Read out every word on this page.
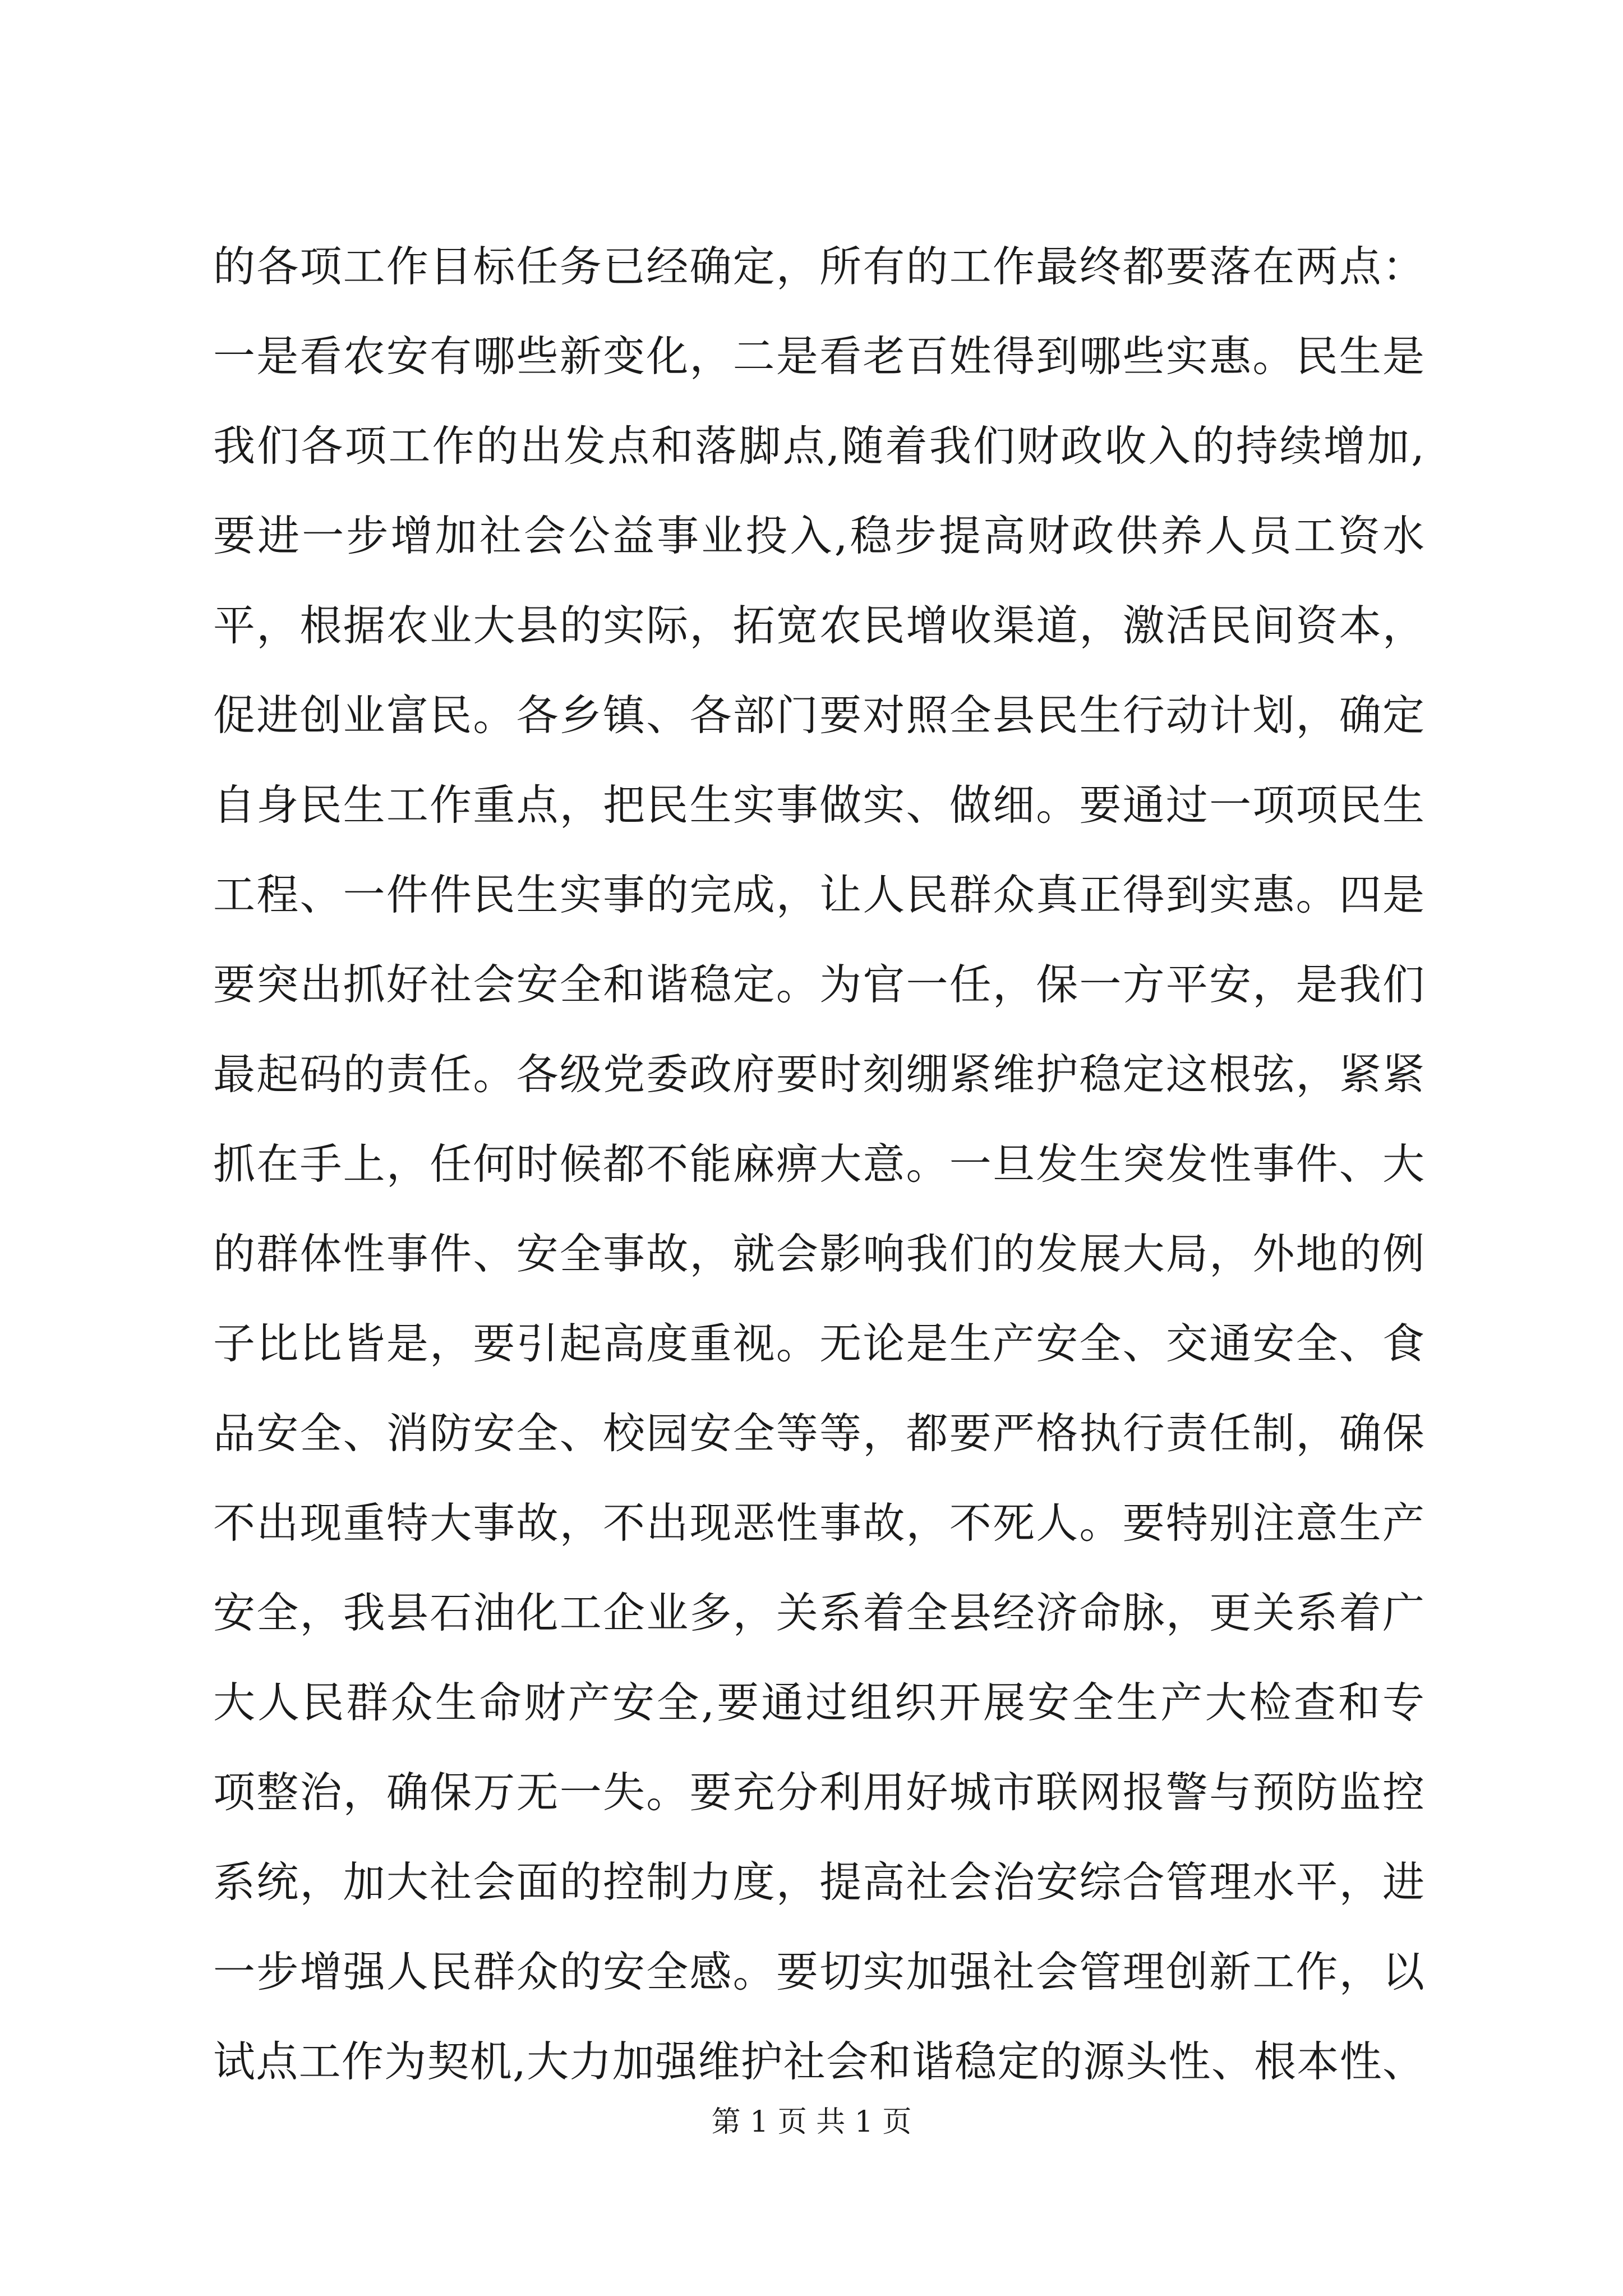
的各项工作目标任务已经确定，所有的工作最终都要落在两点：
一是看农安有哪些新变化，二是看老百姓得到哪些实惠。民生是
我们各项工作的出发点和落脚点,随着我们财政收入的持续增加,
要进一步增加社会公益事业投入,稳步提高财政供养人员工资水
平，根据农业大县的实际，拓宽农民增收渠道，激活民间资本，
促进创业富民。各乡镇、各部门要对照全县民生行动计划，确定
自身民生工作重点，把民生实事做实、做细。要通过一项项民生
工程、一件件民生实事的完成，让人民群众真正得到实惠。四是
要突出抓好社会安全和谐稳定。为官一任，保一方平安，是我们
最起码的责任。各级党委政府要时刻绷紧维护稳定这根弦，紧紧
抓在手上，任何时候都不能麻痹大意。一旦发生突发性事件、大
的群体性事件、安全事故，就会影响我们的发展大局，外地的例
子比比皆是，要引起高度重视。无论是生产安全、交通安全、食
品安全、消防安全、校园安全等等，都要严格执行责任制，确保
不出现重特大事故，不出现恶性事故，不死人。要特别注意生产
安全，我县石油化工企业多，关系着全县经济命脉，更关系着广
大人民群众生命财产安全,要通过组织开展安全生产大检查和专
项整治，确保万无一失。要充分利用好城市联网报警与预防监控
系统，加大社会面的控制力度，提高社会治安综合管理水平，进
一步增强人民群众的安全感。要切实加强社会管理创新工作，以
试点工作为契机,大力加强维护社会和谐稳定的源头性、根本性、
第 1 页 共 1 页
